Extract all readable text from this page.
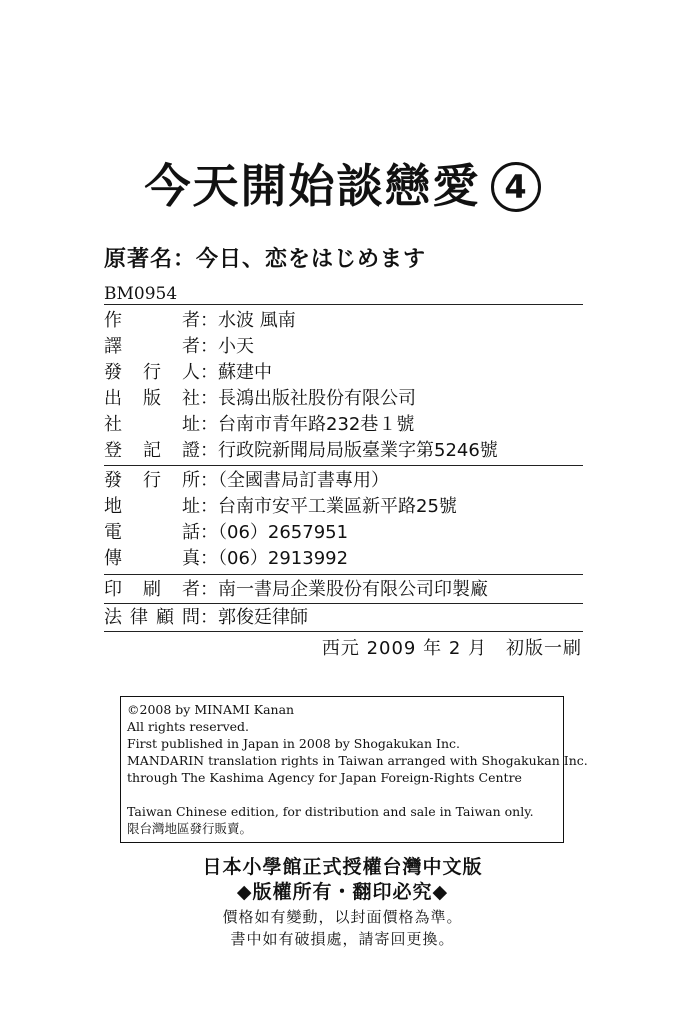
今天開始談戀愛 4
原著名：今日、恋をはじめます
BM0954
作者：水波 風南
譯者：小天
發行人：蘇建中
出版社：長鴻出版社股份有限公司
社址：台南市青年路232巷１號
登記證：行政院新聞局局版臺業字第5246號
發行所：（全國書局訂書專用）
地址：台南市安平工業區新平路25號
電話：（06）2657951
傳真：（06）2913992
印刷者：南一書局企業股份有限公司印製廠
法律顧問：郭俊廷律師
西元 2009 年 2 月　初版一刷
©2008 by MINAMI Kanan
All rights reserved.
First published in Japan in 2008 by Shogakukan Inc.
MANDARIN translation rights in Taiwan arranged with Shogakukan Inc.
through The Kashima Agency for Japan Foreign-Rights Centre

Taiwan Chinese edition, for distribution and sale in Taiwan only.
限台灣地區發行販賣。
日本小學館正式授權台灣中文版
◆版權所有・翻印必究◆
價格如有變動，以封面價格為準。
書中如有破損處，請寄回更換。
